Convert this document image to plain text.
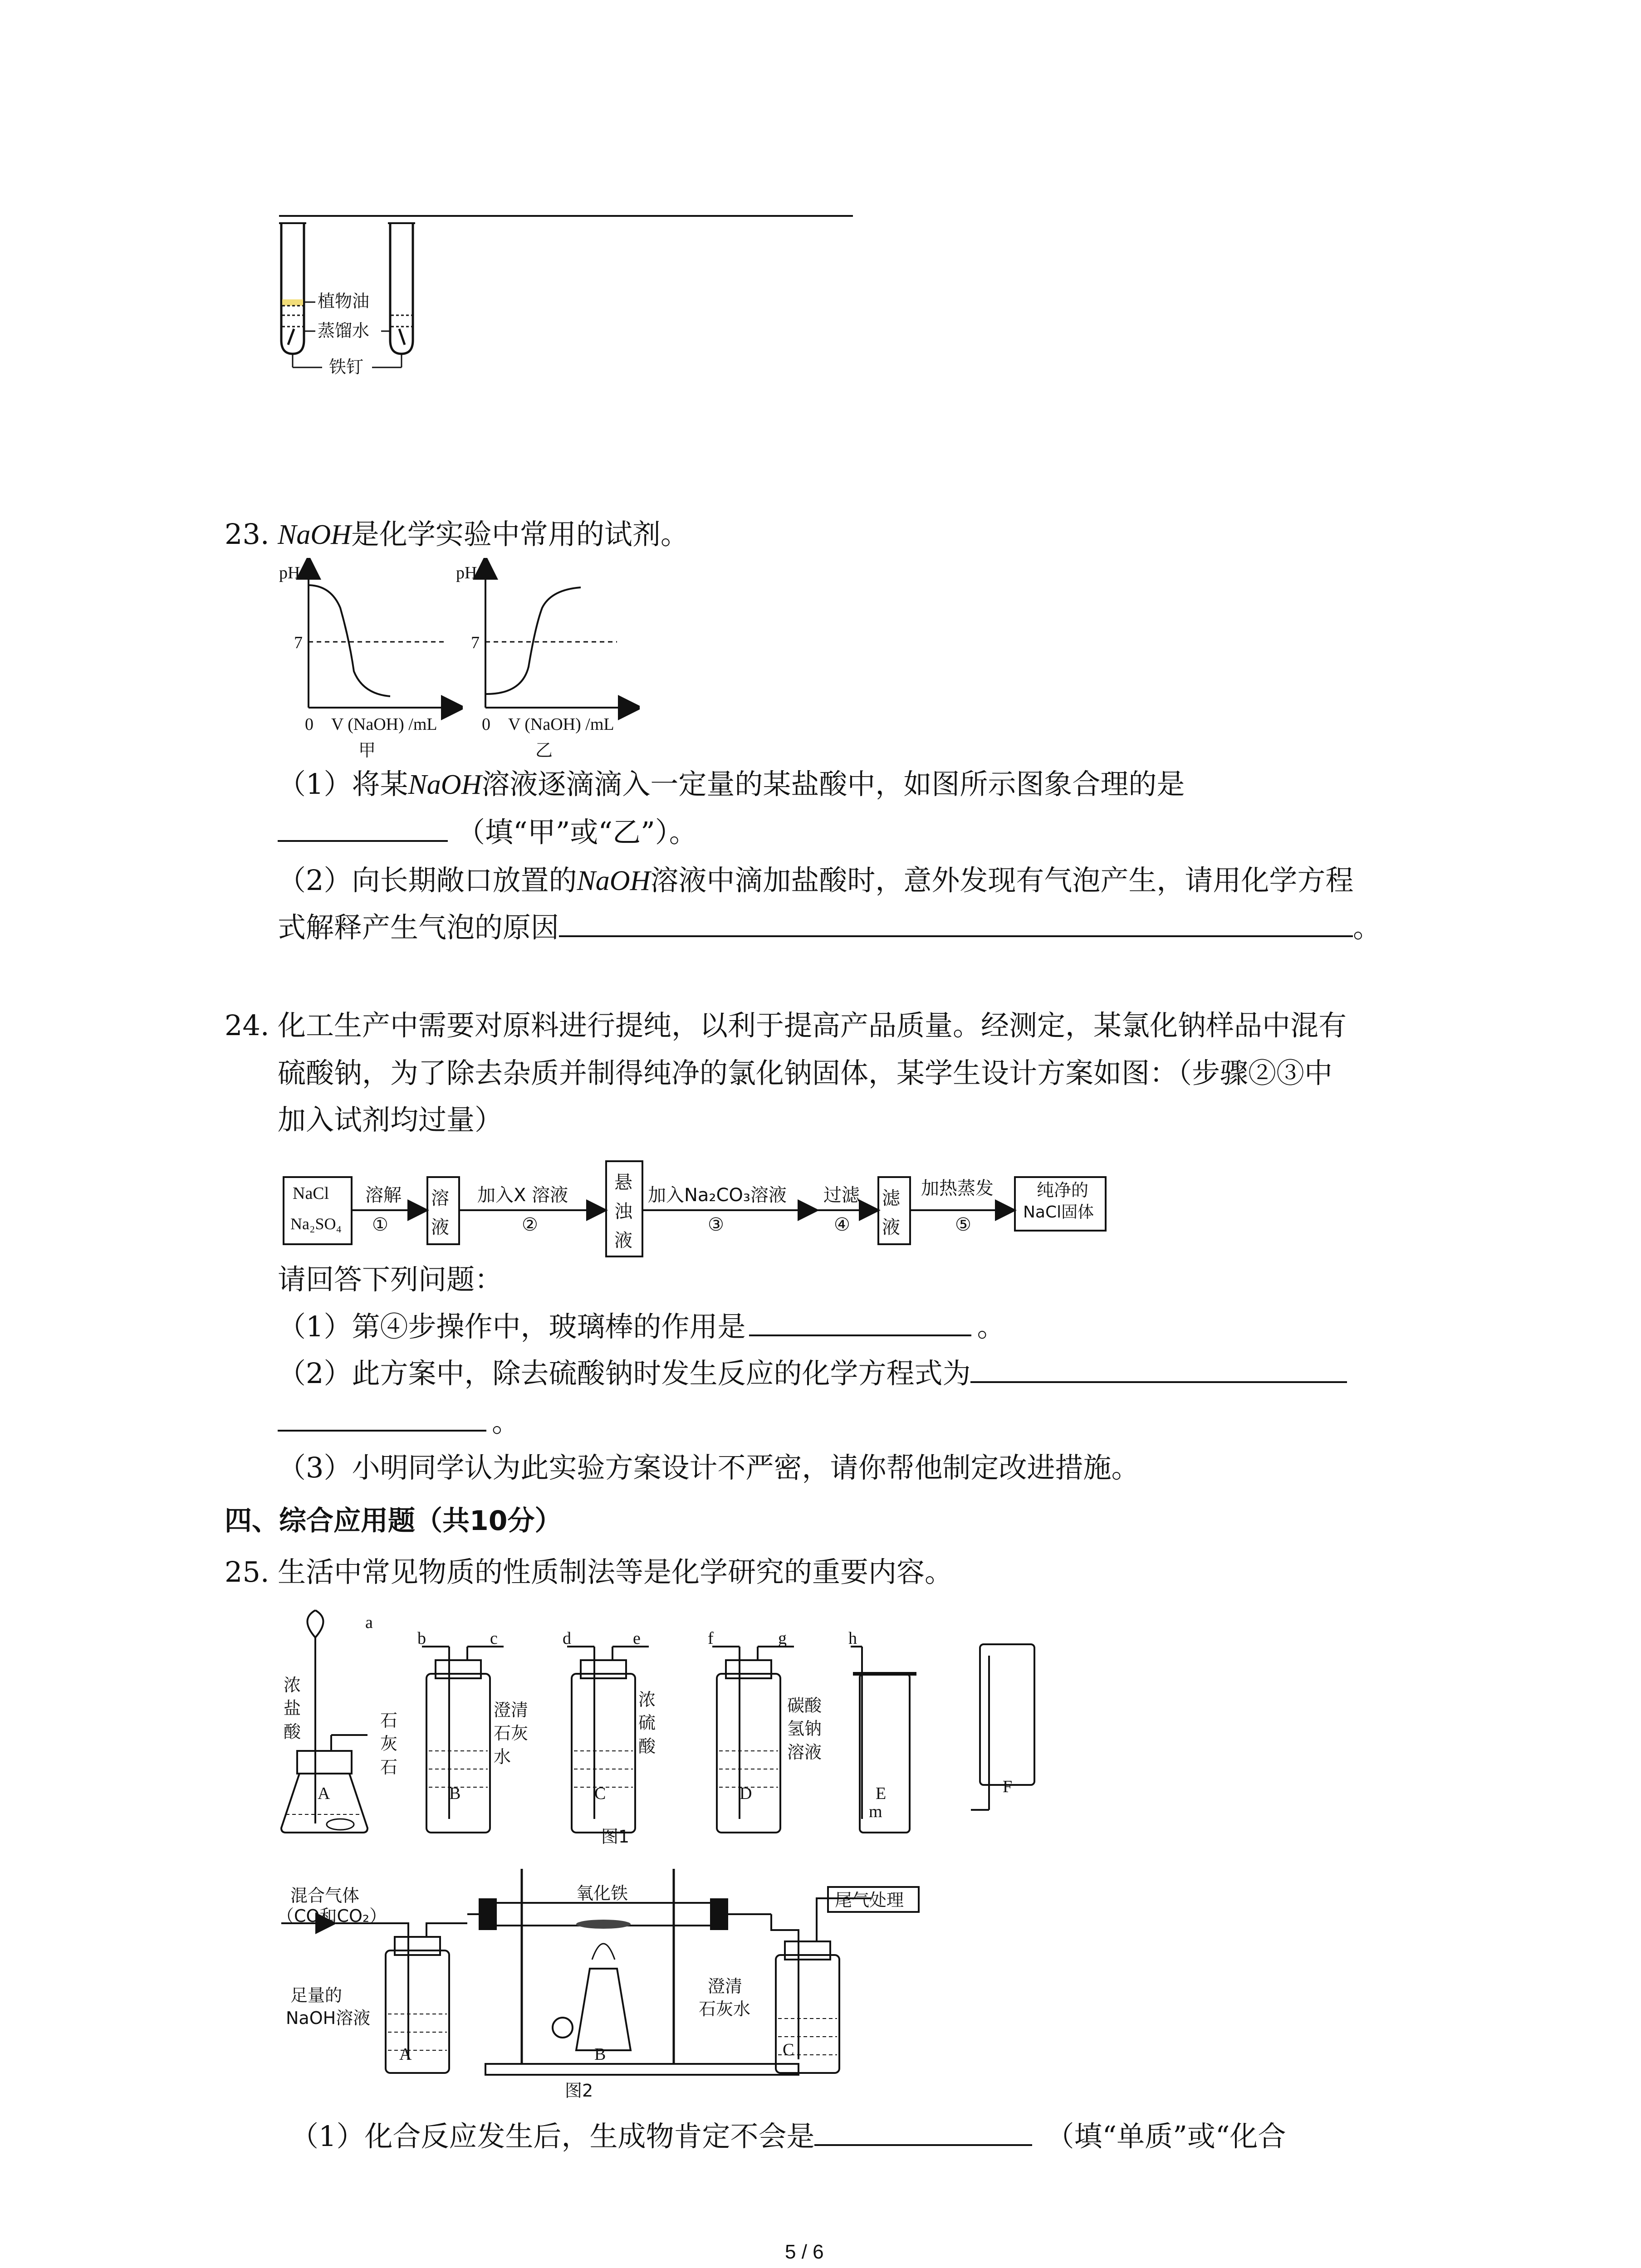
植物油
蒸馏水
铁钉
23. NaOH是化学实验中常用的试剂。
pH
7
0 V (NaOH) /mL
甲
pH
7
0 V (NaOH) /mL
乙
（1）将某NaOH溶液逐滴滴入一定量的某盐酸中，如图所示图象合理的是
（填“甲”或“乙”）。
（2）向长期敞口放置的NaOH溶液中滴加盐酸时，意外发现有气泡产生，请用化学方程
式解释产生气泡的原因	。
24. 化工生产中需要对原料进行提纯，以利于提高产品质量。经测定，某氯化钠样品中混有
硫酸钠，为了除去杂质并制得纯净的氯化钠固体，某学生设计方案如图：（步骤②③中
加入试剂均过量）
NaCl
Na₂SO₄
溶解
①
溶液
加入X 溶液
②
悬浊液
加入Na₂CO₃溶液
③
过滤
④
滤液
加热蒸发
⑤
纯净的
NaCl固体
请回答下列问题：
（1）第④步操作中，玻璃棒的作用是	。
（2）此方案中，除去硫酸钠时发生反应的化学方程式为
。
（3）小明同学认为此实验方案设计不严密，请你帮他制定改进措施。
四、综合应用题（共10分）
25. 生活中常见物质的性质制法等是化学研究的重要内容。
a
b	c	d	e	f	g	h
m
浓
盐
酸
石
灰
石
澄清
石灰
水
浓
硫
酸
碳酸
氢钠
溶液
A	B	C	D	E	F
图1
混合气体
（CO和CO₂）
氧化铁	尾气处理
足量的
NaOH溶液
澄清
石灰水
A	B	C
图2
（1）化合反应发生后，生成物肯定不会是	（填“单质”或“化合
5 / 6
